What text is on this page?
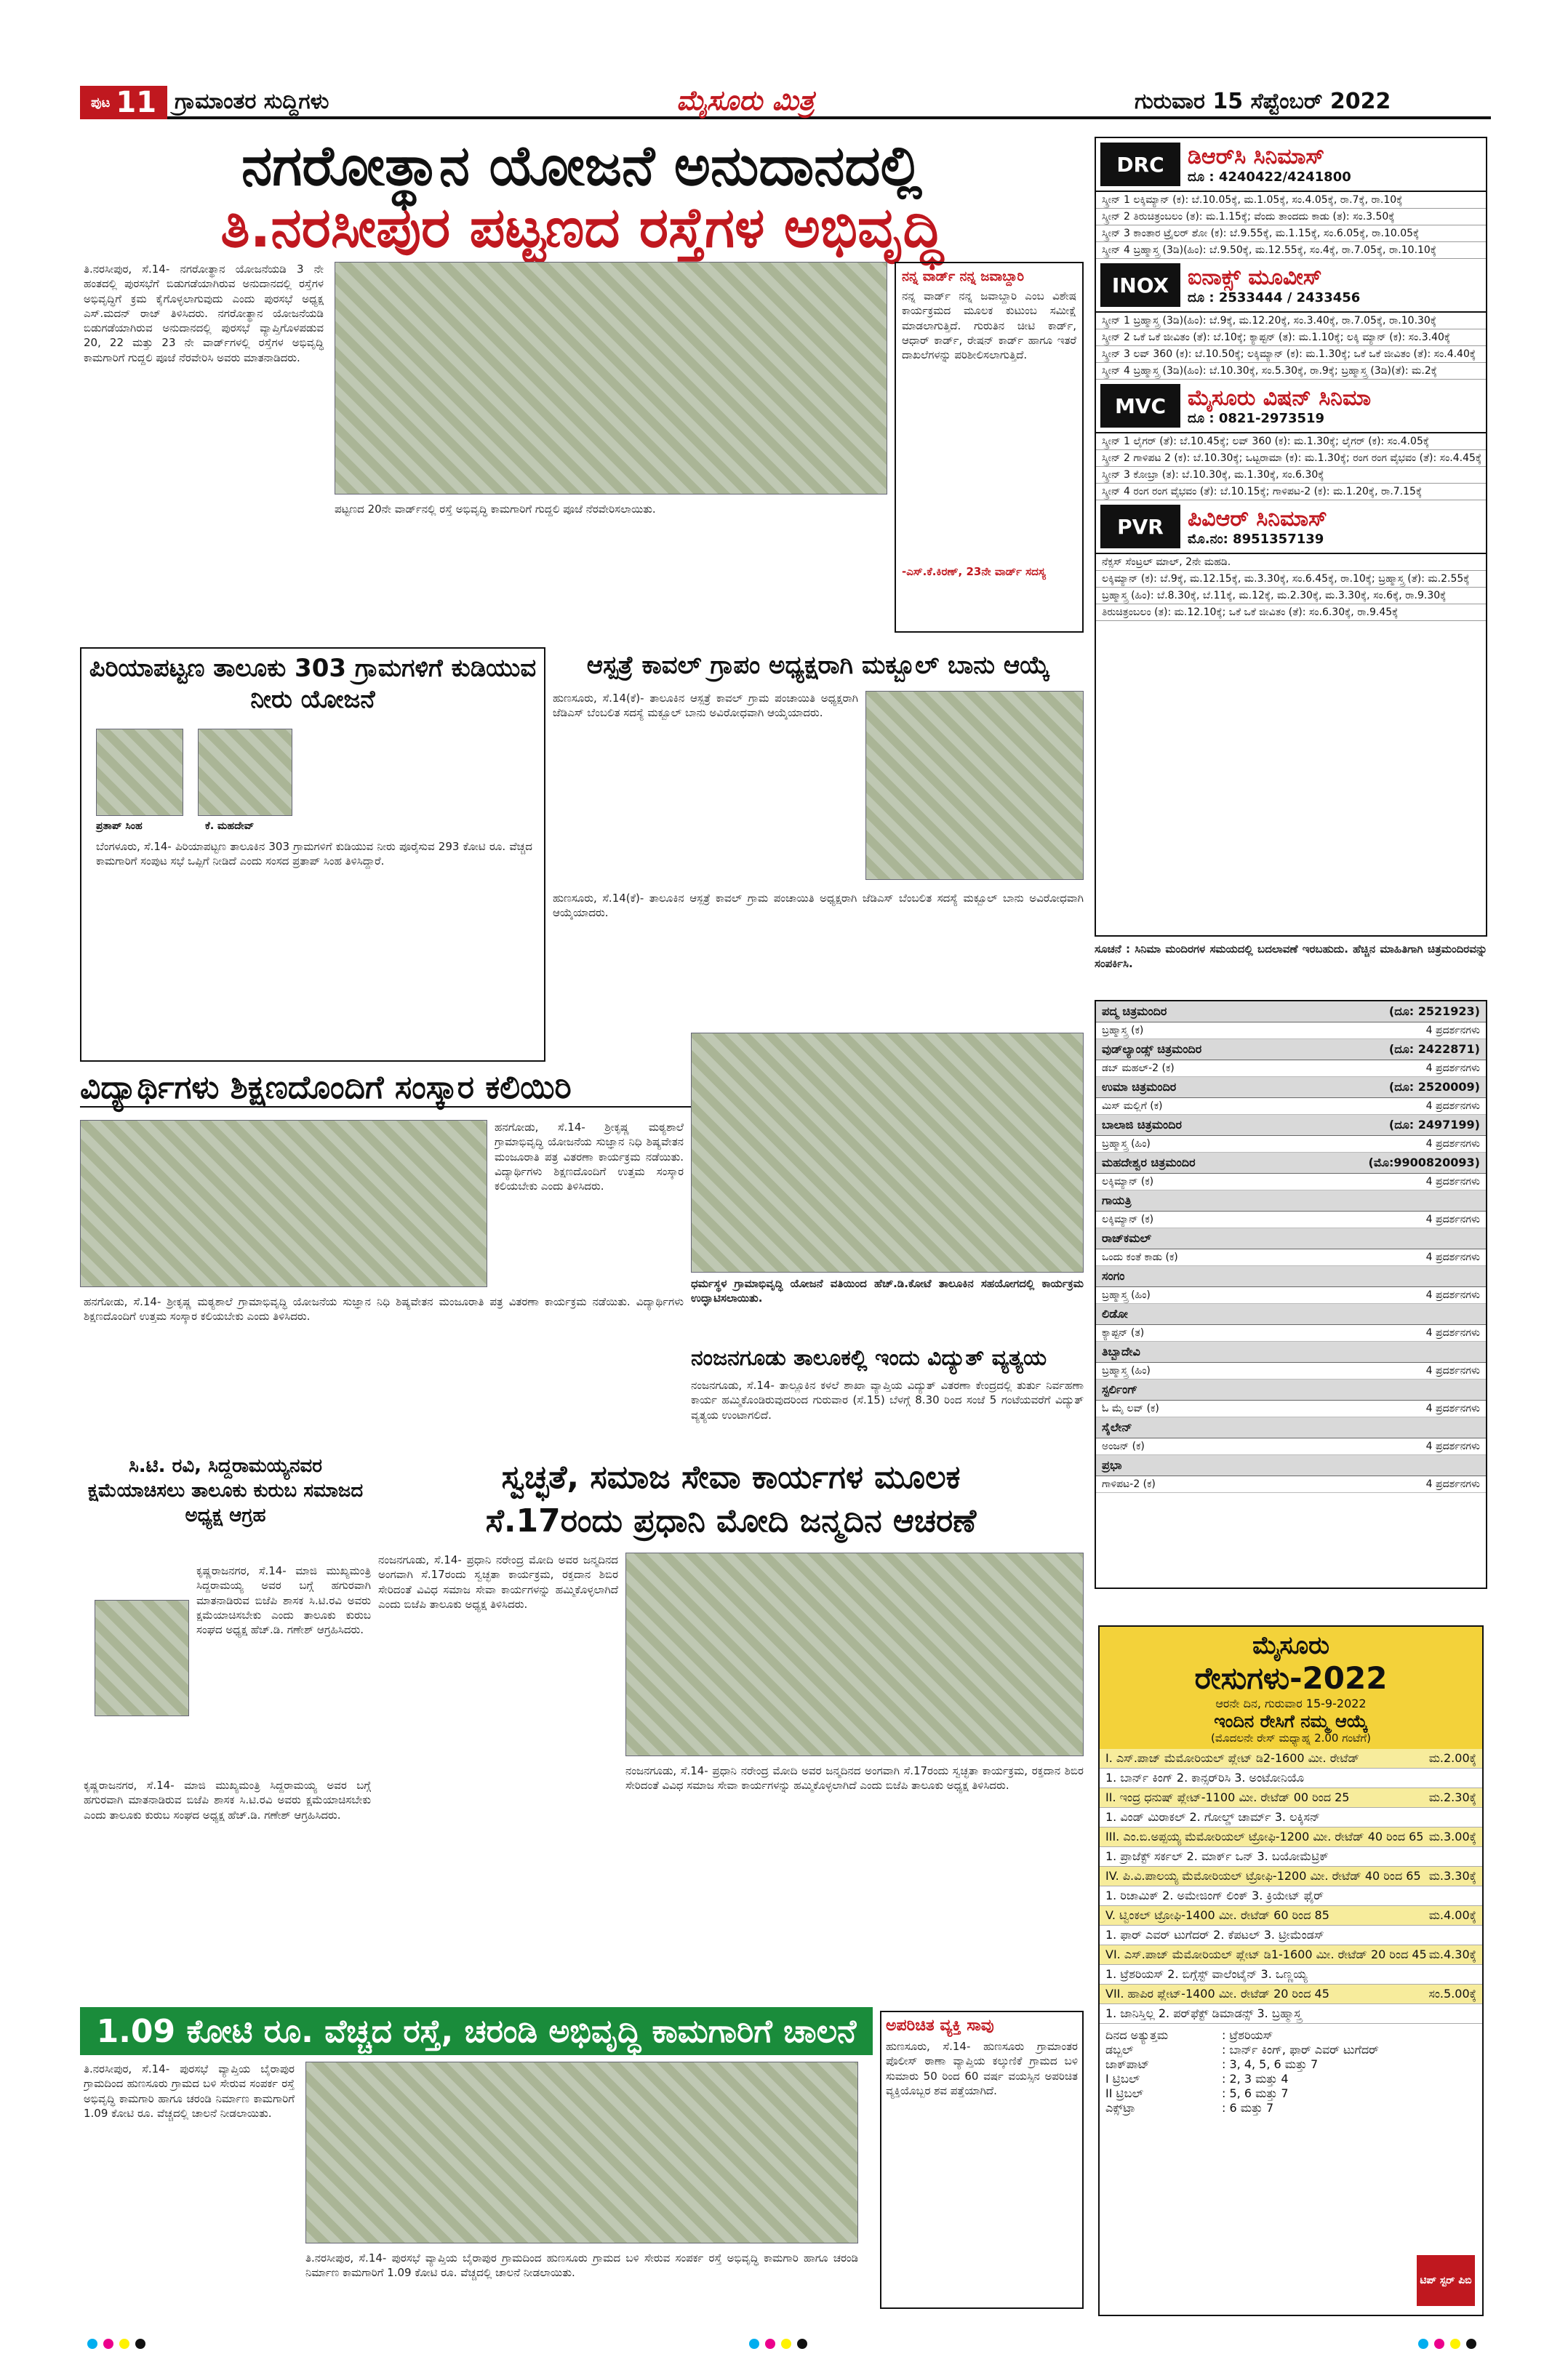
ಪುಟ 11 ಗ್ರಾಮಾಂತರ ಸುದ್ದಿಗಳು	ಮೈಸೂರು ಮಿತ್ರ	ಗುರುವಾರ 15 ಸೆಪ್ಟೆಂಬರ್ 2022
ನಗರೋತ್ಥಾನ ಯೋಜನೆ ಅನುದಾನದಲ್ಲಿ
ತಿ.ನರಸೀಪುರ ಪಟ್ಟಣದ ರಸ್ತೆಗಳ ಅಭಿವೃದ್ಧಿ
ತಿ.ನರಸೀಪುರ, ಸೆ.14- ನಗರೋತ್ಥಾನ ಯೋಜನೆಯಡಿ 3 ನೇ ಹಂತದಲ್ಲಿ ಪುರಸಭೆಗೆ ಬಿಡುಗಡೆಯಾಗಿರುವ ಅನುದಾನದಲ್ಲಿ ರಸ್ತೆಗಳ ಅಭಿವೃದ್ಧಿಗೆ ಕ್ರಮ ಕೈಗೊಳ್ಳಲಾಗುವುದು ಎಂದು ಪುರಸಭೆ ಅಧ್ಯಕ್ಷ ಎಸ್.ಮದನ್ ರಾಜ್ ತಿಳಿಸಿದರು. ನಗರೋತ್ಥಾನ ಯೋಜನೆಯಡಿ ಬಿಡುಗಡೆಯಾಗಿರುವ ಅನುದಾನದಲ್ಲಿ ಪುರಸಭೆ ವ್ಯಾಪ್ತಿಗೊಳಪಡುವ 20, 22 ಮತ್ತು 23 ನೇ ವಾರ್ಡ್‌ಗಳಲ್ಲಿ ರಸ್ತೆಗಳ ಅಭಿವೃದ್ಧಿ ಕಾಮಗಾರಿಗೆ ಗುದ್ದಲಿ ಪೂಜೆ ನೆರವೇರಿಸಿ ಅವರು ಮಾತನಾಡಿದರು.
ಪಟ್ಟಣದ 20ನೇ ವಾರ್ಡ್‌ನಲ್ಲಿ ರಸ್ತೆ ಅಭಿವೃದ್ಧಿ ಕಾಮಗಾರಿಗೆ ಗುದ್ದಲಿ ಪೂಜೆ ನೆರವೇರಿಸಲಾಯಿತು.
ನನ್ನ ವಾರ್ಡ್ ನನ್ನ ಜವಾಬ್ದಾರಿ
ನನ್ನ ವಾರ್ಡ್ ನನ್ನ ಜವಾಬ್ದಾರಿ ಎಂಬ ವಿಶೇಷ ಕಾರ್ಯಕ್ರಮದ ಮೂಲಕ ಕುಟುಂಬ ಸಮೀಕ್ಷೆ ಮಾಡಲಾಗುತ್ತಿದೆ. ಗುರುತಿನ ಚೀಟಿ ಕಾರ್ಡ್, ಆಧಾರ್ ಕಾರ್ಡ್, ರೇಷನ್ ಕಾರ್ಡ್ ಹಾಗೂ ಇತರೆ ದಾಖಲೆಗಳನ್ನು ಪರಿಶೀಲಿಸಲಾಗುತ್ತಿದೆ.
-ಎಸ್.ಕೆ.ಕಿರಣ್, 23ನೇ ವಾರ್ಡ್ ಸದಸ್ಯ
ಪಿರಿಯಾಪಟ್ಟಣ ತಾಲೂಕು 303 ಗ್ರಾಮಗಳಿಗೆ ಕುಡಿಯುವ ನೀರು ಯೋಜನೆ
ಪ್ರತಾಪ್ ಸಿಂಹ	ಕೆ. ಮಹದೇವ್
ಬೆಂಗಳೂರು, ಸೆ.14- ಪಿರಿಯಾಪಟ್ಟಣ ತಾಲೂಕಿನ 303 ಗ್ರಾಮಗಳಿಗೆ ಕುಡಿಯುವ ನೀರು ಪೂರೈಸುವ 293 ಕೋಟಿ ರೂ. ವೆಚ್ಚದ ಕಾಮಗಾರಿಗೆ ಸಂಪುಟ ಸಭೆ ಒಪ್ಪಿಗೆ ನೀಡಿದೆ ಎಂದು ಸಂಸದ ಪ್ರತಾಪ್ ಸಿಂಹ ತಿಳಿಸಿದ್ದಾರೆ.
ಆಸ್ಪತ್ರೆ ಕಾವಲ್ ಗ್ರಾಪಂ ಅಧ್ಯಕ್ಷರಾಗಿ ಮಕ್ಬೂಲ್ ಬಾನು ಆಯ್ಕೆ
ಹುಣಸೂರು, ಸೆ.14(ಕೆ)- ತಾಲೂಕಿನ ಆಸ್ಪತ್ರೆ ಕಾವಲ್ ಗ್ರಾಮ ಪಂಚಾಯಿತಿ ಅಧ್ಯಕ್ಷರಾಗಿ ಜೆಡಿಎಸ್ ಬೆಂಬಲಿತ ಸದಸ್ಯೆ ಮಕ್ಬೂಲ್ ಬಾನು ಅವಿರೋಧವಾಗಿ ಆಯ್ಕೆಯಾದರು.
ಹುಣಸೂರು, ಸೆ.14(ಕೆ)- ತಾಲೂಕಿನ ಆಸ್ಪತ್ರೆ ಕಾವಲ್ ಗ್ರಾಮ ಪಂಚಾಯಿತಿ ಅಧ್ಯಕ್ಷರಾಗಿ ಜೆಡಿಎಸ್ ಬೆಂಬಲಿತ ಸದಸ್ಯೆ ಮಕ್ಬೂಲ್ ಬಾನು ಅವಿರೋಧವಾಗಿ ಆಯ್ಕೆಯಾದರು.
ವಿದ್ಯಾರ್ಥಿಗಳು ಶಿಕ್ಷಣದೊಂದಿಗೆ ಸಂಸ್ಕಾರ ಕಲಿಯಿರಿ
ಹನಗೋಡು, ಸೆ.14- ಶ್ರೀಕೃಷ್ಣ ಮಠ್ಯಶಾಲೆ ಗ್ರಾಮಾಭಿವೃದ್ಧಿ ಯೋಜನೆಯ ಸುಜ್ಞಾನ ನಿಧಿ ಶಿಷ್ಯವೇತನ ಮಂಜೂರಾತಿ ಪತ್ರ ವಿತರಣಾ ಕಾರ್ಯಕ್ರಮ ನಡೆಯಿತು. ವಿದ್ಯಾರ್ಥಿಗಳು ಶಿಕ್ಷಣದೊಂದಿಗೆ ಉತ್ತಮ ಸಂಸ್ಕಾರ ಕಲಿಯಬೇಕು ಎಂದು ತಿಳಿಸಿದರು.
ಧರ್ಮಸ್ಥಳ ಗ್ರಾಮಾಭಿವೃದ್ಧಿ ಯೋಜನೆ ವತಿಯಿಂದ ಹೆಚ್.ಡಿ.ಕೋಟೆ ತಾಲೂಕಿನ ಸಹಯೋಗದಲ್ಲಿ ಕಾರ್ಯಕ್ರಮ ಉದ್ಘಾಟಿಸಲಾಯಿತು.
ಹನಗೋಡು, ಸೆ.14- ಶ್ರೀಕೃಷ್ಣ ಮಠ್ಯಶಾಲೆ ಗ್ರಾಮಾಭಿವೃದ್ಧಿ ಯೋಜನೆಯ ಸುಜ್ಞಾನ ನಿಧಿ ಶಿಷ್ಯವೇತನ ಮಂಜೂರಾತಿ ಪತ್ರ ವಿತರಣಾ ಕಾರ್ಯಕ್ರಮ ನಡೆಯಿತು. ವಿದ್ಯಾರ್ಥಿಗಳು ಶಿಕ್ಷಣದೊಂದಿಗೆ ಉತ್ತಮ ಸಂಸ್ಕಾರ ಕಲಿಯಬೇಕು ಎಂದು ತಿಳಿಸಿದರು.
ನಂಜನಗೂಡು ತಾಲೂಕಲ್ಲಿ ಇಂದು ವಿದ್ಯುತ್ ವ್ಯತ್ಯಯ
ನಂಜನಗೂಡು, ಸೆ.14- ತಾಲ್ಲೂಕಿನ ಕಳಲೆ ಶಾಖಾ ವ್ಯಾಪ್ತಿಯ ವಿದ್ಯುತ್ ವಿತರಣಾ ಕೇಂದ್ರದಲ್ಲಿ ತುರ್ತು ನಿರ್ವಹಣಾ ಕಾರ್ಯ ಹಮ್ಮಿಕೊಂಡಿರುವುದರಿಂದ ಗುರುವಾರ (ಸೆ.15) ಬೆಳಗ್ಗೆ 8.30 ರಿಂದ ಸಂಜೆ 5 ಗಂಟೆಯವರೆಗೆ ವಿದ್ಯುತ್ ವ್ಯತ್ಯಯ ಉಂಟಾಗಲಿದೆ.
ಸಿ.ಟಿ. ರವಿ, ಸಿದ್ದರಾಮಯ್ಯನವರ ಕ್ಷಮೆಯಾಚಿಸಲು ತಾಲೂಕು ಕುರುಬ ಸಮಾಜದ ಅಧ್ಯಕ್ಷ ಆಗ್ರಹ
ಕೃಷ್ಣರಾಜನಗರ, ಸೆ.14- ಮಾಜಿ ಮುಖ್ಯಮಂತ್ರಿ ಸಿದ್ದರಾಮಯ್ಯ ಅವರ ಬಗ್ಗೆ ಹಗುರವಾಗಿ ಮಾತನಾಡಿರುವ ಬಿಜೆಪಿ ಶಾಸಕ ಸಿ.ಟಿ.ರವಿ ಅವರು ಕ್ಷಮೆಯಾಚಿಸಬೇಕು ಎಂದು ತಾಲೂಕು ಕುರುಬ ಸಂಘದ ಅಧ್ಯಕ್ಷ ಹೆಚ್.ಡಿ. ಗಣೇಶ್ ಆಗ್ರಹಿಸಿದರು.
ಕೃಷ್ಣರಾಜನಗರ, ಸೆ.14- ಮಾಜಿ ಮುಖ್ಯಮಂತ್ರಿ ಸಿದ್ದರಾಮಯ್ಯ ಅವರ ಬಗ್ಗೆ ಹಗುರವಾಗಿ ಮಾತನಾಡಿರುವ ಬಿಜೆಪಿ ಶಾಸಕ ಸಿ.ಟಿ.ರವಿ ಅವರು ಕ್ಷಮೆಯಾಚಿಸಬೇಕು ಎಂದು ತಾಲೂಕು ಕುರುಬ ಸಂಘದ ಅಧ್ಯಕ್ಷ ಹೆಚ್.ಡಿ. ಗಣೇಶ್ ಆಗ್ರಹಿಸಿದರು.
ಸ್ವಚ್ಛತೆ, ಸಮಾಜ ಸೇವಾ ಕಾರ್ಯಗಳ ಮೂಲಕ
ಸೆ.17ರಂದು ಪ್ರಧಾನಿ ಮೋದಿ ಜನ್ಮದಿನ ಆಚರಣೆ
ನಂಜನಗೂಡು, ಸೆ.14- ಪ್ರಧಾನಿ ನರೇಂದ್ರ ಮೋದಿ ಅವರ ಜನ್ಮದಿನದ ಅಂಗವಾಗಿ ಸೆ.17ರಂದು ಸ್ವಚ್ಛತಾ ಕಾರ್ಯಕ್ರಮ, ರಕ್ತದಾನ ಶಿಬಿರ ಸೇರಿದಂತೆ ವಿವಿಧ ಸಮಾಜ ಸೇವಾ ಕಾರ್ಯಗಳನ್ನು ಹಮ್ಮಿಕೊಳ್ಳಲಾಗಿದೆ ಎಂದು ಬಿಜೆಪಿ ತಾಲೂಕು ಅಧ್ಯಕ್ಷ ತಿಳಿಸಿದರು.
ನಂಜನಗೂಡು, ಸೆ.14- ಪ್ರಧಾನಿ ನರೇಂದ್ರ ಮೋದಿ ಅವರ ಜನ್ಮದಿನದ ಅಂಗವಾಗಿ ಸೆ.17ರಂದು ಸ್ವಚ್ಛತಾ ಕಾರ್ಯಕ್ರಮ, ರಕ್ತದಾನ ಶಿಬಿರ ಸೇರಿದಂತೆ ವಿವಿಧ ಸಮಾಜ ಸೇವಾ ಕಾರ್ಯಗಳನ್ನು ಹಮ್ಮಿಕೊಳ್ಳಲಾಗಿದೆ ಎಂದು ಬಿಜೆಪಿ ತಾಲೂಕು ಅಧ್ಯಕ್ಷ ತಿಳಿಸಿದರು.
1.09 ಕೋಟಿ ರೂ. ವೆಚ್ಚದ ರಸ್ತೆ, ಚರಂಡಿ ಅಭಿವೃದ್ಧಿ ಕಾಮಗಾರಿಗೆ ಚಾಲನೆ
ತಿ.ನರಸೀಪುರ, ಸೆ.14- ಪುರಸಭೆ ವ್ಯಾಪ್ತಿಯ ಬೈರಾಪುರ ಗ್ರಾಮದಿಂದ ಹುಣಸೂರು ಗ್ರಾಮದ ಬಳಿ ಸೇರುವ ಸಂಪರ್ಕ ರಸ್ತೆ ಅಭಿವೃದ್ಧಿ ಕಾಮಗಾರಿ ಹಾಗೂ ಚರಂಡಿ ನಿರ್ಮಾಣ ಕಾಮಗಾರಿಗೆ 1.09 ಕೋಟಿ ರೂ. ವೆಚ್ಚದಲ್ಲಿ ಚಾಲನೆ ನೀಡಲಾಯಿತು.
ತಿ.ನರಸೀಪುರ, ಸೆ.14- ಪುರಸಭೆ ವ್ಯಾಪ್ತಿಯ ಬೈರಾಪುರ ಗ್ರಾಮದಿಂದ ಹುಣಸೂರು ಗ್ರಾಮದ ಬಳಿ ಸೇರುವ ಸಂಪರ್ಕ ರಸ್ತೆ ಅಭಿವೃದ್ಧಿ ಕಾಮಗಾರಿ ಹಾಗೂ ಚರಂಡಿ ನಿರ್ಮಾಣ ಕಾಮಗಾರಿಗೆ 1.09 ಕೋಟಿ ರೂ. ವೆಚ್ಚದಲ್ಲಿ ಚಾಲನೆ ನೀಡಲಾಯಿತು.
ಅಪರಿಚಿತ ವ್ಯಕ್ತಿ ಸಾವು
ಹುಣಸೂರು, ಸೆ.14- ಹುಣಸೂರು ಗ್ರಾಮಾಂತರ ಪೊಲೀಸ್ ಠಾಣಾ ವ್ಯಾಪ್ತಿಯ ಕಲ್ಕುಣಿಕೆ ಗ್ರಾಮದ ಬಳಿ ಸುಮಾರು 50 ರಿಂದ 60 ವರ್ಷ ವಯಸ್ಸಿನ ಅಪರಿಚಿತ ವ್ಯಕ್ತಿಯೊಬ್ಬರ ಶವ ಪತ್ತೆಯಾಗಿದೆ.
DRC	ಡಿಆರ್‌ಸಿ ಸಿನಿಮಾಸ್
ದೂ : 4240422/4241800
ಸ್ಕ್ರೀನ್ 1 ಲಕ್ಕಿಮ್ಯಾನ್ (ಕ): ಬೆ.10.05ಕ್ಕೆ, ಮ.1.05ಕ್ಕೆ, ಸಂ.4.05ಕ್ಕೆ, ರಾ.7ಕ್ಕೆ, ರಾ.10ಕ್ಕೆ
ಸ್ಕ್ರೀನ್ 2 ತಿರುಚಿತ್ರಂಬಲಂ (ತ): ಮ.1.15ಕ್ಕೆ; ವೆಂದು ತಾಂದದು ಕಾಡು (ತ): ಸಂ.3.50ಕ್ಕೆ
ಸ್ಕ್ರೀನ್ 3 ಕಾಂತಾರ ಟ್ರೈಲರ್ ಶೋ (ಕ): ಬೆ.9.55ಕ್ಕೆ, ಮ.1.15ಕ್ಕೆ, ಸಂ.6.05ಕ್ಕೆ, ರಾ.10.05ಕ್ಕೆ
ಸ್ಕ್ರೀನ್ 4 ಬ್ರಹ್ಮಾಸ್ತ್ರ (3ಡಿ)(ಹಿಂ): ಬೆ.9.50ಕ್ಕೆ, ಮ.12.55ಕ್ಕೆ, ಸಂ.4ಕ್ಕೆ, ರಾ.7.05ಕ್ಕೆ, ರಾ.10.10ಕ್ಕೆ
INOX ಐನಾಕ್ಸ್ ಮೂವೀಸ್
ದೂ : 2533444 / 2433456
ಸ್ಕ್ರೀನ್ 1 ಬ್ರಹ್ಮಾಸ್ತ್ರ (3ಡಿ)(ಹಿಂ): ಬೆ.9ಕ್ಕೆ, ಮ.12.20ಕ್ಕೆ, ಸಂ.3.40ಕ್ಕೆ, ರಾ.7.05ಕ್ಕೆ, ರಾ.10.30ಕ್ಕೆ
ಸ್ಕ್ರೀನ್ 2 ಒಕೆ ಒಕೆ ಜೀವಿತಂ (ತೆ): ಬೆ.10ಕ್ಕೆ; ಕ್ಯಾಪ್ಟನ್ (ತ): ಮ.1.10ಕ್ಕೆ; ಲಕ್ಕಿ ಮ್ಯಾನ್ (ಕ): ಸಂ.3.40ಕ್ಕೆ
ಸ್ಕ್ರೀನ್ 3 ಲವ್ 360 (ಕ): ಬೆ.10.50ಕ್ಕೆ; ಲಕ್ಕಿಮ್ಯಾನ್ (ಕ): ಮ.1.30ಕ್ಕೆ; ಒಕೆ ಒಕೆ ಜೀವಿತಂ (ತೆ): ಸಂ.4.40ಕ್ಕೆ
ಸ್ಕ್ರೀನ್ 4 ಬ್ರಹ್ಮಾಸ್ತ್ರ (3ಡಿ)(ಹಿಂ): ಬೆ.10.30ಕ್ಕೆ, ಸಂ.5.30ಕ್ಕೆ, ರಾ.9ಕ್ಕೆ; ಬ್ರಹ್ಮಾಸ್ತ್ರ (3ಡಿ)(ತೆ): ಮ.2ಕ್ಕೆ
MVC ಮೈಸೂರು ವಿಷನ್ ಸಿನಿಮಾ
ದೂ : 0821-2973519
ಸ್ಕ್ರೀನ್ 1 ಲೈಗರ್ (ತೆ): ಬೆ.10.45ಕ್ಕೆ; ಲವ್ 360 (ಕ): ಮ.1.30ಕ್ಕೆ; ಲೈಗರ್ (ಕ): ಸಂ.4.05ಕ್ಕೆ
ಸ್ಕ್ರೀನ್ 2 ಗಾಳಿಪಟ 2 (ಕ): ಬೆ.10.30ಕ್ಕೆ; ಒಟ್ಟರಾಮಾ (ಕ): ಮ.1.30ಕ್ಕೆ; ರಂಗ ರಂಗ ವೈಭವಂ (ತೆ): ಸಂ.4.45ಕ್ಕೆ
ಸ್ಕ್ರೀನ್ 3 ಕೋಬ್ರಾ (ತ): ಬೆ.10.30ಕ್ಕೆ, ಮ.1.30ಕ್ಕೆ, ಸಂ.6.30ಕ್ಕೆ
ಸ್ಕ್ರೀನ್ 4 ರಂಗ ರಂಗ ವೈಭವಂ (ತೆ): ಬೆ.10.15ಕ್ಕೆ; ಗಾಳಿಪಟ-2 (ಕ): ಮ.1.20ಕ್ಕೆ, ರಾ.7.15ಕ್ಕೆ
PVR	ಪಿವಿಆರ್ ಸಿನಿಮಾಸ್
ಮೊ.ನಂ: 8951357139
ನೆಕ್ಸಸ್ ಸೆಂಟ್ರಲ್ ಮಾಲ್, 2ನೇ ಮಹಡಿ.
ಲಕ್ಕಿಮ್ಯಾನ್ (ಕ): ಬೆ.9ಕ್ಕೆ, ಮ.12.15ಕ್ಕೆ, ಮ.3.30ಕ್ಕೆ, ಸಂ.6.45ಕ್ಕೆ, ರಾ.10ಕ್ಕೆ; ಬ್ರಹ್ಮಾಸ್ತ್ರ (ತೆ): ಮ.2.55ಕ್ಕೆ
ಬ್ರಹ್ಮಾಸ್ತ್ರ (ಹಿಂ): ಬೆ.8.30ಕ್ಕೆ, ಬೆ.11ಕ್ಕೆ, ಮ.12ಕ್ಕೆ, ಮ.2.30ಕ್ಕೆ, ಮ.3.30ಕ್ಕೆ, ಸಂ.6ಕ್ಕೆ, ರಾ.9.30ಕ್ಕೆ
ತಿರುಚಿತ್ರಂಬಲಂ (ತ): ಮ.12.10ಕ್ಕೆ; ಒಕೆ ಒಕೆ ಜೀವಿತಂ (ತೆ): ಸಂ.6.30ಕ್ಕೆ, ರಾ.9.45ಕ್ಕೆ
ಸೂಚನೆ : ಸಿನಿಮಾ ಮಂದಿರಗಳ ಸಮಯದಲ್ಲಿ ಬದಲಾವಣೆ ಇರಬಹುದು. ಹೆಚ್ಚಿನ ಮಾಹಿತಿಗಾಗಿ ಚಿತ್ರಮಂದಿರವನ್ನು ಸಂಪರ್ಕಿಸಿ.
ಪದ್ಮ ಚಿತ್ರಮಂದಿರ	(ದೂ: 2521923)
ಬ್ರಹ್ಮಾಸ್ತ್ರ (ಕ)	4 ಪ್ರದರ್ಶನಗಳು
ವುಡ್‌ಲ್ಯಾಂಡ್ಸ್ ಚಿತ್ರಮಂದಿರ	(ದೂ: 2422871)
ಡಬ್ ಮಹಲ್-2 (ಕ)	4 ಪ್ರದರ್ಶನಗಳು
ಉಮಾ ಚಿತ್ರಮಂದಿರ	(ದೂ: 2520009)
ಮಿಸ್ ಮಲ್ಲಿಗೆ (ಕ)	4 ಪ್ರದರ್ಶನಗಳು
ಬಾಲಾಜಿ ಚಿತ್ರಮಂದಿರ	(ದೂ: 2497199)
ಬ್ರಹ್ಮಾಸ್ತ್ರ (ಹಿಂ)	4 ಪ್ರದರ್ಶನಗಳು
ಮಹದೇಶ್ವರ ಚಿತ್ರಮಂದಿರ	(ಮೊ:9900820093)
ಲಕ್ಕಿಮ್ಯಾನ್ (ಕ)	4 ಪ್ರದರ್ಶನಗಳು
ಗಾಯತ್ರಿ
ಲಕ್ಕಿಮ್ಯಾನ್ (ಕ)	4 ಪ್ರದರ್ಶನಗಳು
ರಾಜ್‌ಕಮಲ್
ಒಂದು ಕಂತೆ ಕಾಡು (ಕ)	4 ಪ್ರದರ್ಶನಗಳು
ಸಂಗಂ
ಬ್ರಹ್ಮಾಸ್ತ್ರ (ಹಿಂ)	4 ಪ್ರದರ್ಶನಗಳು
ಲಿಡೋ
ಕ್ಯಾಪ್ಟನ್ (ತ)	4 ಪ್ರದರ್ಶನಗಳು
ತಿಬ್ಬಾದೇವಿ
ಬ್ರಹ್ಮಾಸ್ತ್ರ (ಹಿಂ)	4 ಪ್ರದರ್ಶನಗಳು
ಸ್ಟರ್ಲಿಂಗ್
ಓ ಮೈ ಲವ್ (ಕ)	4 ಪ್ರದರ್ಶನಗಳು
ಸೈಲೇನ್
ಅಂಜನ್ (ಕ)	4 ಪ್ರದರ್ಶನಗಳು
ಪ್ರಭಾ
ಗಾಳಿಪಟ-2 (ಕ)	4 ಪ್ರದರ್ಶನಗಳು
ಮೈಸೂರು
ರೇಸುಗಳು-2022
ಆರನೇ ದಿನ, ಗುರುವಾರ 15-9-2022
ಇಂದಿನ ರೇಸಿಗೆ ನಮ್ಮ ಆಯ್ಕೆ
(ಮೊದಲನೇ ರೇಸ್ ಮಧ್ಯಾಹ್ನ 2.00 ಗಂಟೆಗೆ)
I. ಎಸ್.ಪಾಜ್ ಮೆಮೋರಿಯಲ್ ಪ್ಲೇಟ್ ಡಿ2-1600 ಮೀ. ರೇಟೆಡ್	ಮ.2.00ಕ್ಕೆ
1. ಬಾರ್ನ್ ಕಿಂಗ್ 2. ಕಾನ್ಸರ್‌ರಿಸಿ 3. ಅಂಟೋನಿಯೊ
II. ಇಂದ್ರ ಧನುಷ್ ಪ್ಲೇಟ್-1100 ಮೀ. ರೇಟೆಡ್ 00 ರಿಂದ 25	ಮ.2.30ಕ್ಕೆ
1. ವಿಂಡ್ ಮಿರಾಕಲ್ 2. ಗೋಲ್ಡ್ ಚಾರ್ಮ್ 3. ಲಕ್ಕಿಸನ್
III. ಎಂ.ಬಿ.ಅಪ್ಪಯ್ಯ ಮೆಮೋರಿಯಲ್ ಟ್ರೋಫಿ-1200 ಮೀ. ರೇಟೆಡ್ 40 ರಿಂದ 65 ಮ.3.00ಕ್ಕೆ
1. ಪ್ರಾಜೆಕ್ಟ್ ಸರ್ಕಲ್ 2. ಮಾರ್ಕ್ ಒನ್ 3. ಬಯೋಮೆಟ್ರಿಕ್
IV. ಪಿ.ವಿ.ಪಾಲಯ್ಯ ಮೆಮೋರಿಯಲ್ ಟ್ರೋಫಿ-1200 ಮೀ. ರೇಟೆಡ್ 40 ರಿಂದ 65 ಮ.3.30ಕ್ಕೆ
1. ರಿಚಾಮಿಕ್ 2. ಅಮೇಜಿಂಗ್ ಲಿಂಕ್ 3. ಕ್ರಿಯೇಟ್ ಫೈರ್
V. ಟ್ವಿಂಕಲ್ ಟ್ರೋಫಿ-1400 ಮೀ. ರೇಟೆಡ್ 60 ರಿಂದ 85	ಮ.4.00ಕ್ಕೆ
1. ಫಾರ್ ಎವರ್ ಟುಗೆದರ್ 2. ಕೆಪಟಲ್ 3. ಟ್ರೀಮೆಂಡಸ್
VI. ಎಸ್.ಪಾಜ್ ಮೆಮೋರಿಯಲ್ ಪ್ಲೇಟ್ ಡಿ1-1600 ಮೀ. ರೇಟೆಡ್ 20 ರಿಂದ 45 ಮ.4.30ಕ್ಕೆ
1. ಟ್ರೆಶರಿಯಸ್ 2. ಬಿಗ್ಗೆಸ್ಟ್ ವಾಲೆಂಟೈನ್ 3. ಒಣ್ಣಯ್ಯ
VII. ಹಾಪಿರ ಪ್ಲೇಟ್-1400 ಮೀ. ರೇಟೆಡ್ 20 ರಿಂದ 45	ಸಂ.5.00ಕ್ಕೆ
1. ಜಾನಿಸ್ತಿಲ್ಲ 2. ಪರ್‌ಫೆಕ್ಟ್ ಡಿಮಾಡನ್ಸ್ 3. ಬ್ರಹ್ಮಾಸ್ತ್ರ
ದಿನದ ಅತ್ಯುತ್ತಮ	: ಟ್ರೆಶರಿಯಸ್
ಡಬ್ಬಲ್	: ಬಾರ್ನ್ ಕಿಂಗ್, ಫಾರ್ ಎವರ್ ಟುಗೆದರ್
ಜಾಕ್‌ಪಾಟ್	: 3, 4, 5, 6 ಮತ್ತು 7
I ಟ್ರಿಬಲ್	: 2, 3 ಮತ್ತು 4
II ಟ್ರಿಬಲ್	: 5, 6 ಮತ್ತು 7
ಎಕ್ಸ್‌ಟ್ರಾ	: 6 ಮತ್ತು 7
ಟಿಪ್ ಸ್ಟರ್ ಪಿಬಿ
